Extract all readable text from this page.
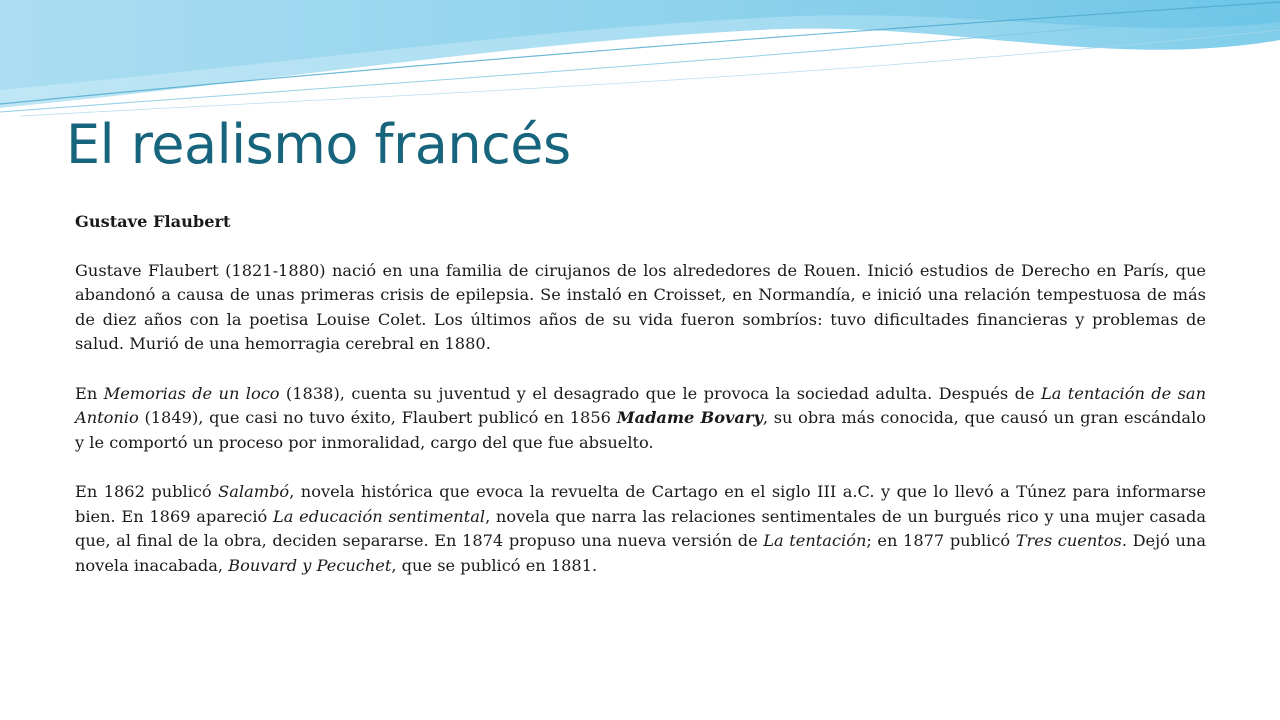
El realismo francés

Gustave Flaubert

Gustave Flaubert (1821-1880) nació en una familia de cirujanos de los alrededores de Rouen. Inició estudios de Derecho en París, que abandonó a causa de unas primeras crisis de epilepsia. Se instaló en Croisset, en Normandía, e inició una relación tempestuosa de más de diez años con la poetisa Louise Colet. Los últimos años de su vida fueron sombríos: tuvo dificultades financieras y problemas de salud. Murió de una hemorragia cerebral en 1880.

En Memorias de un loco (1838), cuenta su juventud y el desagrado que le provoca la sociedad adulta. Después de La tentación de san Antonio (1849), que casi no tuvo éxito, Flaubert publicó en 1856 Madame Bovary, su obra más conocida, que causó un gran escándalo y le comportó un proceso por inmoralidad, cargo del que fue absuelto.

En 1862 publicó Salambó, novela histórica que evoca la revuelta de Cartago en el siglo III a.C. y que lo llevó a Túnez para informarse bien. En 1869 apareció La educación sentimental, novela que narra las relaciones sentimentales de un burgués rico y una mujer casada que, al final de la obra, deciden separarse. En 1874 propuso una nueva versión de La tentación; en 1877 publicó Tres cuentos. Dejó una novela inacabada, Bouvard y Pecuchet, que se publicó en 1881.
